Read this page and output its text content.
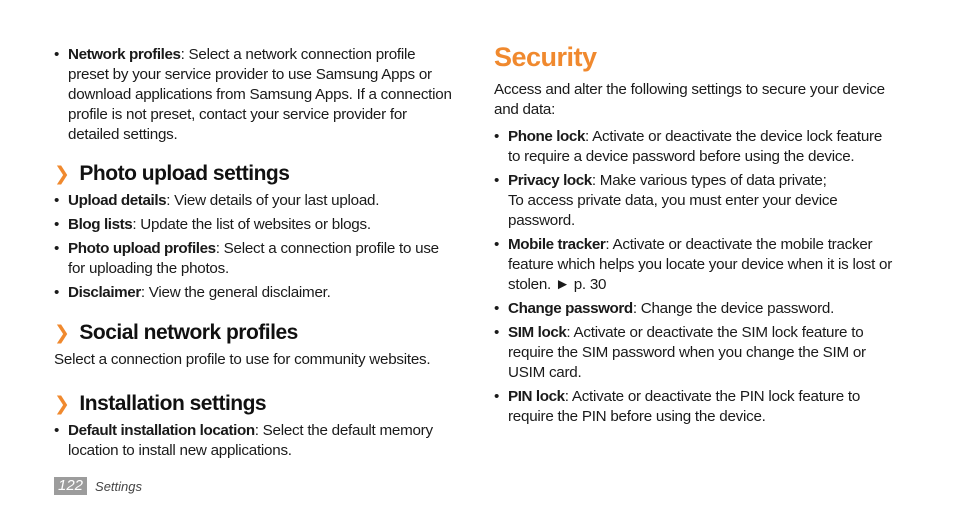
• Network profiles: Select a network connection profile preset by your service provider to use Samsung Apps or download applications from Samsung Apps. If a connection profile is not preset, contact your service provider for detailed settings.
❯ Photo upload settings
• Upload details: View details of your last upload.
• Blog lists: Update the list of websites or blogs.
• Photo upload profiles: Select a connection profile to use for uploading the photos.
• Disclaimer: View the general disclaimer.
❯ Social network profiles
Select a connection profile to use for community websites.
❯ Installation settings
• Default installation location: Select the default memory location to install new applications.
Security
Access and alter the following settings to secure your device and data:
• Phone lock: Activate or deactivate the device lock feature to require a device password before using the device.
• Privacy lock: Make various types of data private;
To access private data, you must enter your device password.
• Mobile tracker: Activate or deactivate the mobile tracker feature which helps you locate your device when it is lost or stolen. ► p. 30
• Change password: Change the device password.
• SIM lock: Activate or deactivate the SIM lock feature to require the SIM password when you change the SIM or USIM card.
• PIN lock: Activate or deactivate the PIN lock feature to require the PIN before using the device.
122 Settings
